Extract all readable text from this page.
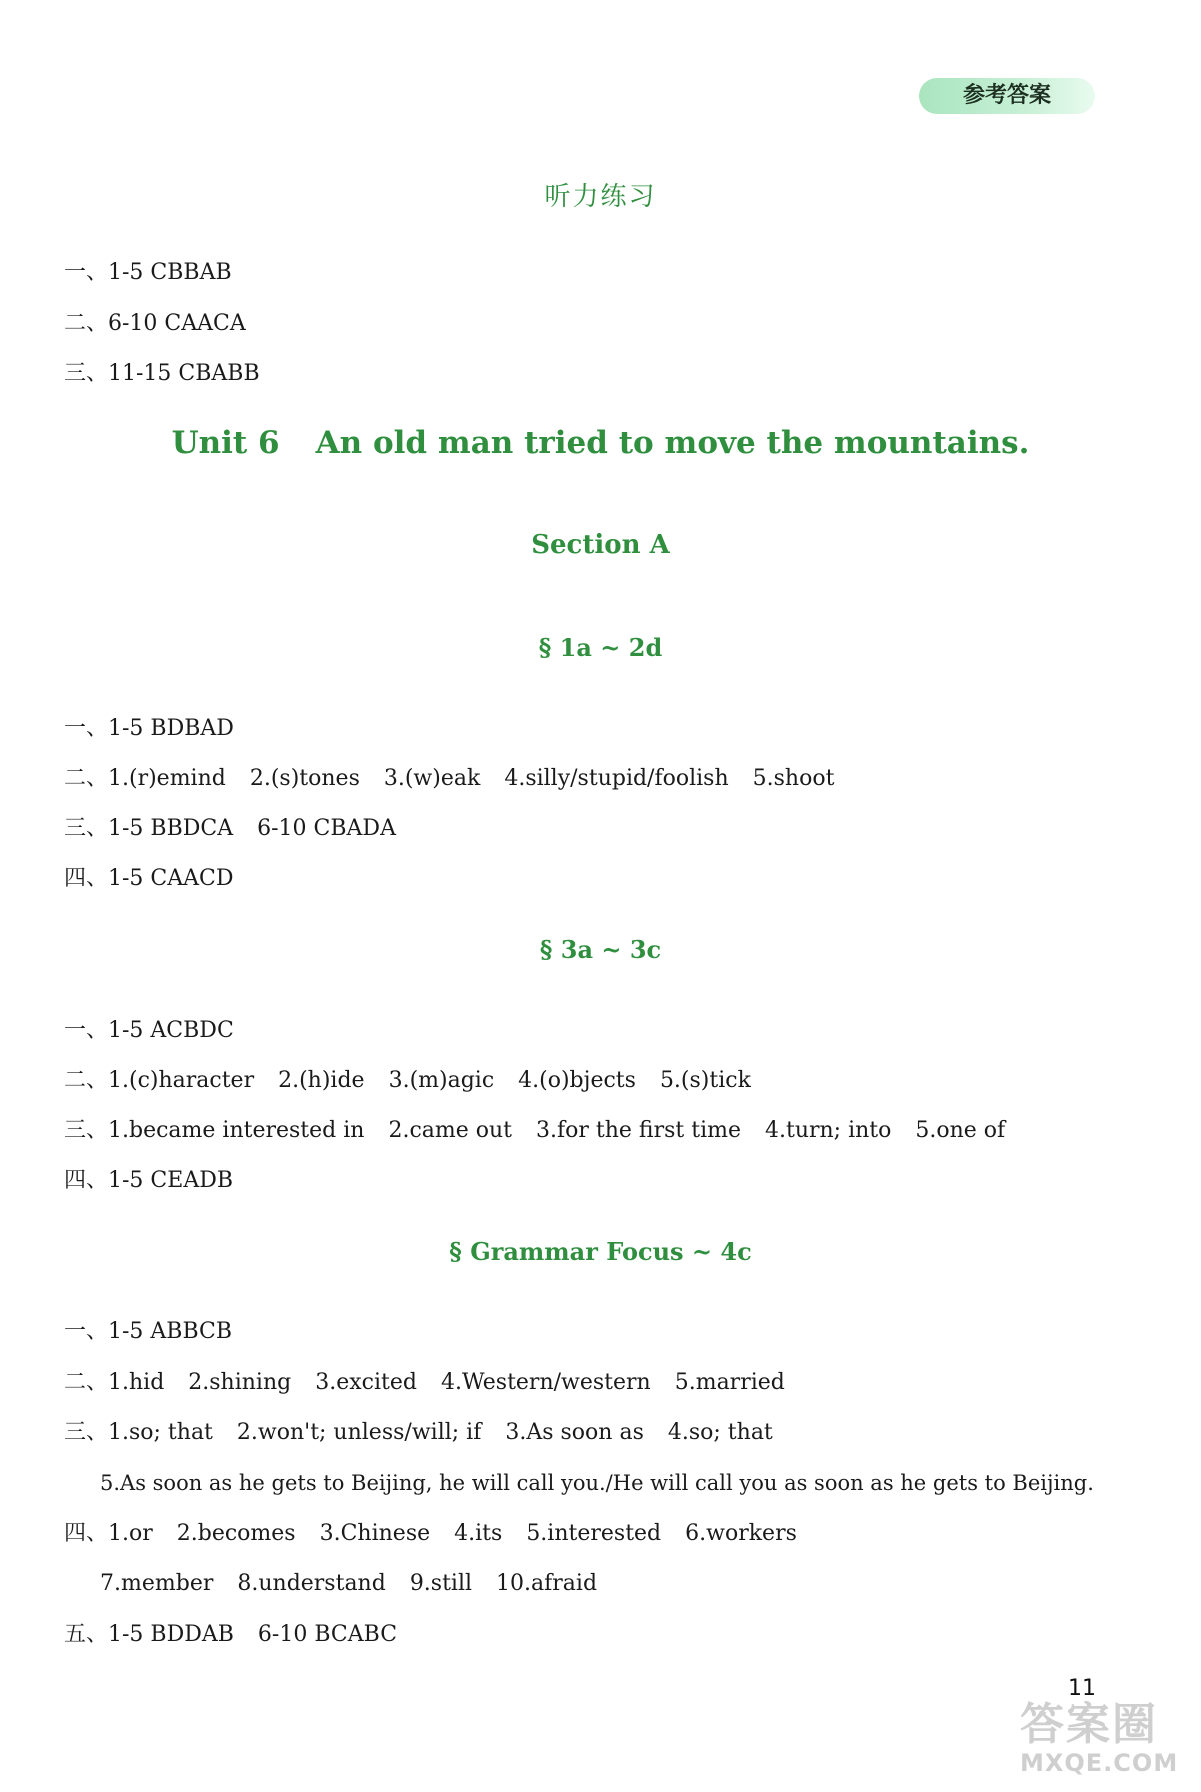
参考答案
听力练习
一、1-5 CBBAB
二、6-10 CAACA
三、11-15 CBABB
Unit 6 An old man tried to move the mountains.
Section A
§ 1a ~ 2d
一、1-5 BDBAD
二、1.(r)emind 2.(s)tones 3.(w)eak 4.silly/stupid/foolish 5.shoot
三、1-5 BBDCA 6-10 CBADA
四、1-5 CAACD
§ 3a ~ 3c
一、1-5 ACBDC
二、1.(c)haracter 2.(h)ide 3.(m)agic 4.(o)bjects 5.(s)tick
三、1.became interested in 2.came out 3.for the first time 4.turn; into 5.one of
四、1-5 CEADB
§ Grammar Focus ~ 4c
一、1-5 ABBCB
二、1.hid 2.shining 3.excited 4.Western/western 5.married
三、1.so; that 2.won't; unless/will; if 3.As soon as 4.so; that
5.As soon as he gets to Beijing, he will call you./He will call you as soon as he gets to Beijing.
四、1.or 2.becomes 3.Chinese 4.its 5.interested 6.workers
7.member 8.understand 9.still 10.afraid
五、1-5 BDDAB 6-10 BCABC
11
答案圈
MXQE.COM
